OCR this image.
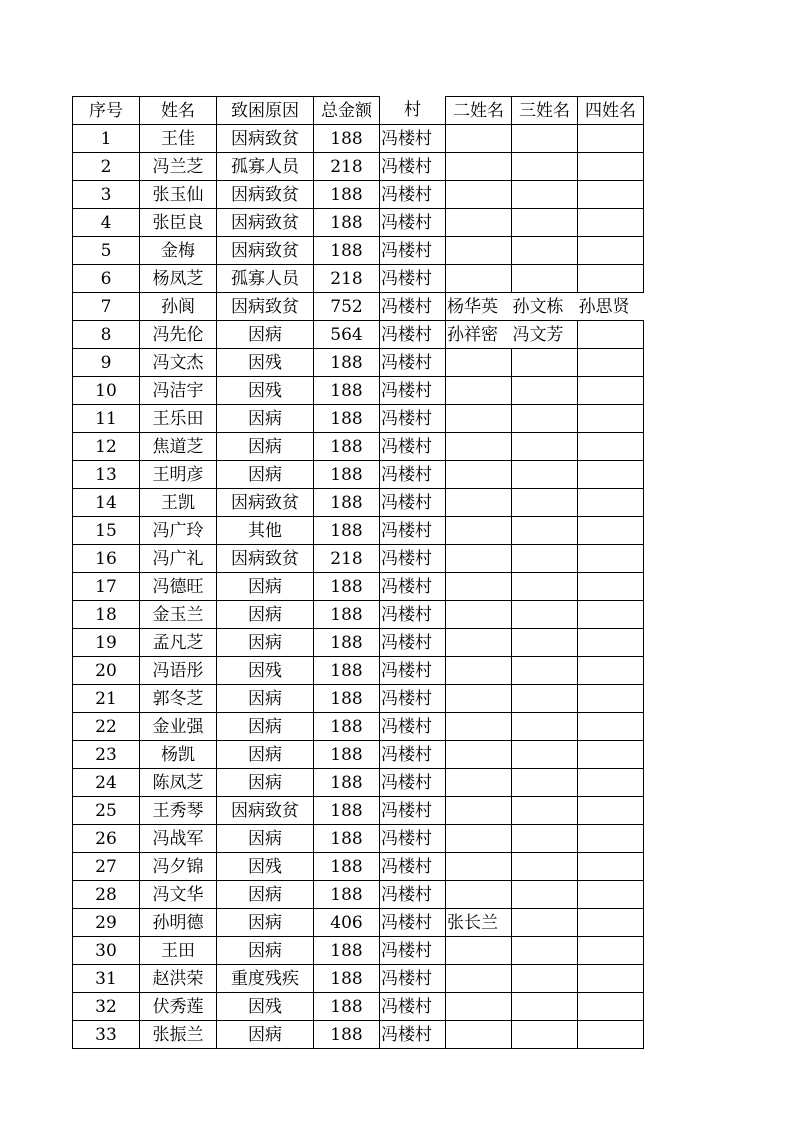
序号	姓名	致困原因	总金额	村	二姓名	三姓名	四姓名
1	王佳	因病致贫	188	冯楼村			
2	冯兰芝	孤寡人员	218	冯楼村			
3	张玉仙	因病致贫	188	冯楼村			
4	张臣良	因病致贫	188	冯楼村			
5	金梅	因病致贫	188	冯楼村			
6	杨凤芝	孤寡人员	218	冯楼村			
7	孙阆	因病致贫	752	冯楼村	杨华英	孙文栋	孙思贤
8	冯先伦	因病	564	冯楼村	孙祥密	冯文芳	
9	冯文杰	因残	188	冯楼村			
10	冯洁宇	因残	188	冯楼村			
11	王乐田	因病	188	冯楼村			
12	焦道芝	因病	188	冯楼村			
13	王明彦	因病	188	冯楼村			
14	王凯	因病致贫	188	冯楼村			
15	冯广玲	其他	188	冯楼村			
16	冯广礼	因病致贫	218	冯楼村			
17	冯德旺	因病	188	冯楼村			
18	金玉兰	因病	188	冯楼村			
19	孟凡芝	因病	188	冯楼村			
20	冯语彤	因残	188	冯楼村			
21	郭冬芝	因病	188	冯楼村			
22	金业强	因病	188	冯楼村			
23	杨凯	因病	188	冯楼村			
24	陈凤芝	因病	188	冯楼村			
25	王秀琴	因病致贫	188	冯楼村			
26	冯战军	因病	188	冯楼村			
27	冯夕锦	因残	188	冯楼村			
28	冯文华	因病	188	冯楼村			
29	孙明德	因病	406	冯楼村	张长兰		
30	王田	因病	188	冯楼村			
31	赵洪荣	重度残疾	188	冯楼村			
32	伏秀莲	因残	188	冯楼村			
33	张振兰	因病	188	冯楼村			
